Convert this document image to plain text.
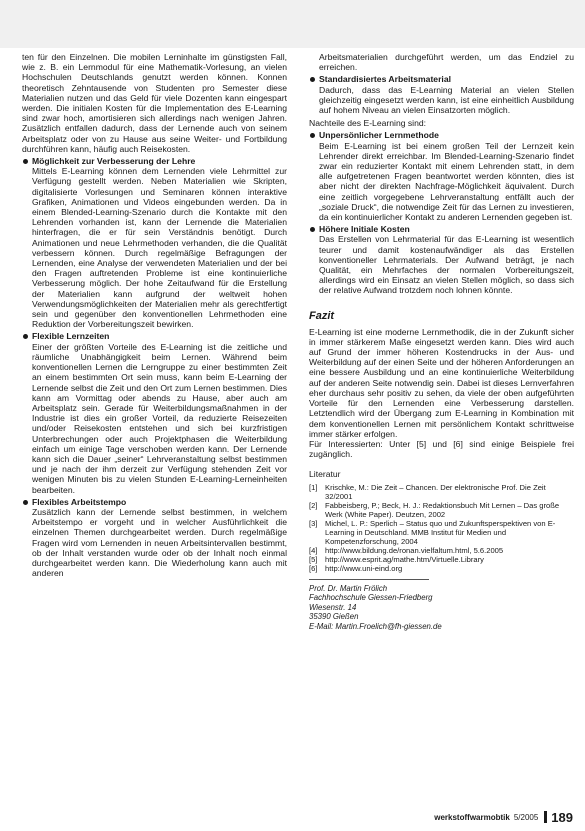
ten für den Einzelnen. Die mobilen Lerninhalte im günstigsten Fall, wie z. B. ein Lernmodul für eine Mathematik-Vorlesung, an vielen Hochschulen Deutschlands genutzt werden können. Konnen theoretisch Zehntausende von Studenten pro Semester diese Materialien nutzen und das Geld für viele Dozenten kann eingespart werden. Die initialen Kosten für die Implementation des E-Learning sind zwar hoch, amortisieren sich allerdings nach wenigen Jahren. Zusätzlich entfallen dadurch, dass der Lernende auch von seinem Arbeitsplatz oder von zu Hause aus seine Weiter- und Fortbildung durchführen kann, häufig auch Reisekosten.

Möglichkeit zur Verbesserung der Lehre

Mittels E-Learning können dem Lernenden viele Lehrmittel zur Verfügung gestellt werden. Neben Materialien wie Skripten, digitalisierte Vorlesungen und Seminaren können interaktive Grafiken, Animationen und Videos eingebunden werden. Da in einem Blended-Learning-Szenario durch die Kontakte mit den Lehrenden vorhanden ist, kann der Lernende die Materialien hinterfragen, die er für sein Verständnis benötigt. Durch Animationen und neue Lehrmethoden verhanden, die die Qualität verbessern können. Durch regelmäßige Befragungen der Lernenden, eine Analyse der verwendeten Materialien und der bei den Fragen auftretenden Probleme ist eine kontinuierliche Verbesserung möglich. Der hohe Zeitaufwand für die Erstellung der Materialien kann aufgrund der weltweit hohen Verwendungsmöglichkeiten der Materialien mehr als gerechtfertigt sein und gegenüber den konventionellen Lehrmethoden eine Reduktion der Vorbereitungszeit bewirken.

Flexible Lernzeiten

Einer der größten Vorteile des E-Learning ist die zeitliche und räumliche Unabhängigkeit beim Lernen. Während beim konventionellen Lernen die Lerngruppe zu einer bestimmten Zeit an einem bestimmten Ort sein muss, kann beim E-Learning der Lernende selbst die Zeit und den Ort zum Lernen bestimmen. Dies kann am Vormittag oder abends zu Hause, aber auch am Arbeitsplatz sein. Gerade für Weiterbildungsmaßnahmen in der Industrie ist dies ein großer Vorteil, da reduzierte Reisezeiten und/oder Reisekosten entstehen und sich bei kurzfristigen Unterbrechungen oder auch Projektphasen die Weiterbildung einfach um einige Tage verschoben werden kann. Der Lernende kann sich die Dauer „seiner“ Lehrveranstaltung selbst bestimmen und je nach der ihm derzeit zur Verfügung stehenden Zeit vor wenigen Minuten bis zu vielen Stunden E-Learning-Lerneinheiten bearbeiten.

Flexibles Arbeitstempo

Zusätzlich kann der Lernende selbst bestimmen, in welchem Arbeitstempo er vorgeht und in welcher Ausführlichkeit die einzelnen Themen durchgearbeitet werden. Durch regelmäßige Fragen wird vom Lernenden in neuen Arbeitsintervallen bestimmt, ob der Inhalt verstanden wurde oder ob der Inhalt noch einmal durchgearbeitet werden kann. Die Wiederholung kann auch mit anderen

Arbeitsmaterialien durchgeführt werden, um das Endziel zu erreichen.

Standardisiertes Arbeitsmaterial

Dadurch, dass das E-Learning Material an vielen Stellen gleichzeitig eingesetzt werden kann, ist eine einheitlich Ausbildung auf hohem Niveau an vielen Einsatzorten möglich.

Nachteile des E-Learning sind:

Unpersönlicher Lernmethode

Beim E-Learning ist bei einem großen Teil der Lernzeit kein Lehrender direkt erreichbar. Im Blended-Learning-Szenario findet zwar ein reduzierter Kontakt mit einem Lehrenden statt, in dem alle aufgetretenen Fragen beantwortet werden könnten, dies ist aber nicht der direkten Nachfrage-Möglichkeit äquivalent. Durch eine zeitlich vorgegebene Lehrveranstaltung entfällt auch der „soziale Druck“, die notwendige Zeit für das Lernen zu investieren, da ein kontinuierlicher Kontakt zu anderen Lernenden gegeben ist.

Höhere Initiale Kosten

Das Erstellen von Lehrmaterial für das E-Learning ist wesentlich teurer und damit kostenaufwändiger als das Erstellen konventioneller Lehrmaterials. Der Aufwand beträgt, je nach Qualität, ein Mehrfaches der normalen Vorbereitungszeit, allerdings wird ein Einsatz an vielen Stellen möglich, so dass sich der relative Aufwand trotzdem noch lohnen könnte.

Fazit

E-Learning ist eine moderne Lernmethodik, die in der Zukunft sicher in immer stärkerem Maße eingesetzt werden kann. Dies wird auch auf Grund der immer höheren Kostendrucks in der Aus- und Weiterbildung auf der einen Seite und der höheren Anforderungen an eine bessere Ausbildung und an eine kontinuierliche Weiterbildung auf der anderen Seite notwendig sein. Dabei ist dieses Lernverfahren eher durchaus sehr positiv zu sehen, da viele der oben aufgeführten Vorteile für den Lernenden eine Verbesserung darstellen. Letztendlich wird der Übergang zum E-Learning in Kombination mit dem konventionellen Lernen mit persönlichem Kontakt schrittweise immer stärker erfolgen.

Für Interessierten: Unter [5] und [6] sind einige Beispiele frei zugänglich.

Literatur

[1] Krischke, M.: Die Zeit – Chancen. Der elektronische Prof. Die Zeit 32/2001
[2] Fabbeisberg, P.; Beck, H. J.: Redaktionsbuch Mit Lernen – Das große Werk (White Paper). Deutzen, 2002
[3] Michel, L. P.: Sperlich – Status quo und Zukunftsperspektiven von E-Learning in Deutschland. MMB Institut für Medien und Kompetenzforschung, 2004
[4] http://www.bildung.de/ronan.vielfaltum.html, 5.6.2005
[5] http://www.esprit.ag/mathe.htm/Virtuelle.Library
[6] http://www.uni-eind.org
Prof. Dr. Martin Frölich
Fachhochschule Giessen-Friedberg
Wiesenstr. 14
35390 Gießen
E-Mail: Martin.Froelich@fh-giessen.de
werkstoffwarmobtik 5/2005 189
